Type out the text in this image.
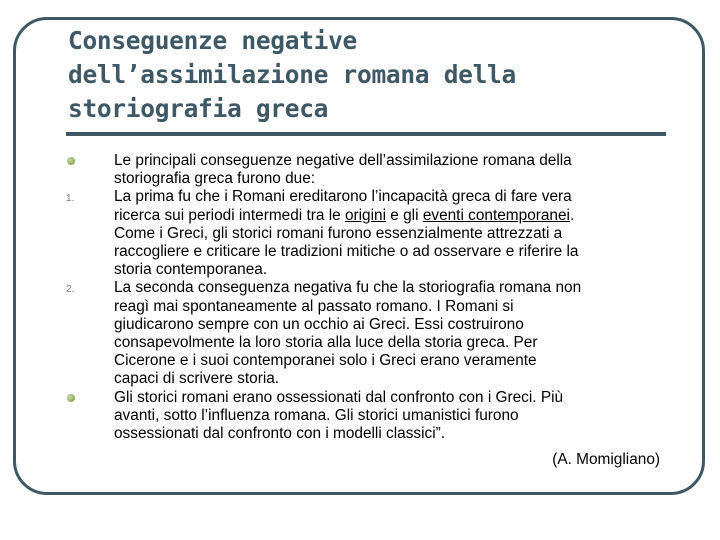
Conseguenze negative
dell’assimilazione romana della
storiografia greca
Le principali conseguenze negative dell’assimilazione romana della
storiografia greca furono due:
1.	La prima fu che i Romani ereditarono l’incapacità greca di fare vera
ricerca sui periodi intermedi tra le origini e gli eventi contemporanei.
Come i Greci, gli storici romani furono essenzialmente attrezzati a
raccogliere e criticare le tradizioni mitiche o ad osservare e riferire la
storia contemporanea.
2.	La seconda conseguenza negativa fu che la storiografia romana non
reagì mai spontaneamente al passato romano. I Romani si
giudicarono sempre con un occhio ai Greci. Essi costruirono
consapevolmente la loro storia alla luce della storia greca. Per
Cicerone e i suoi contemporanei solo i Greci erano veramente
capaci di scrivere storia.
Gli storici romani erano ossessionati dal confronto con i Greci. Più
avanti, sotto l’influenza romana. Gli storici umanistici furono
ossessionati dal confronto con i modelli classici”.
(A. Momigliano)
